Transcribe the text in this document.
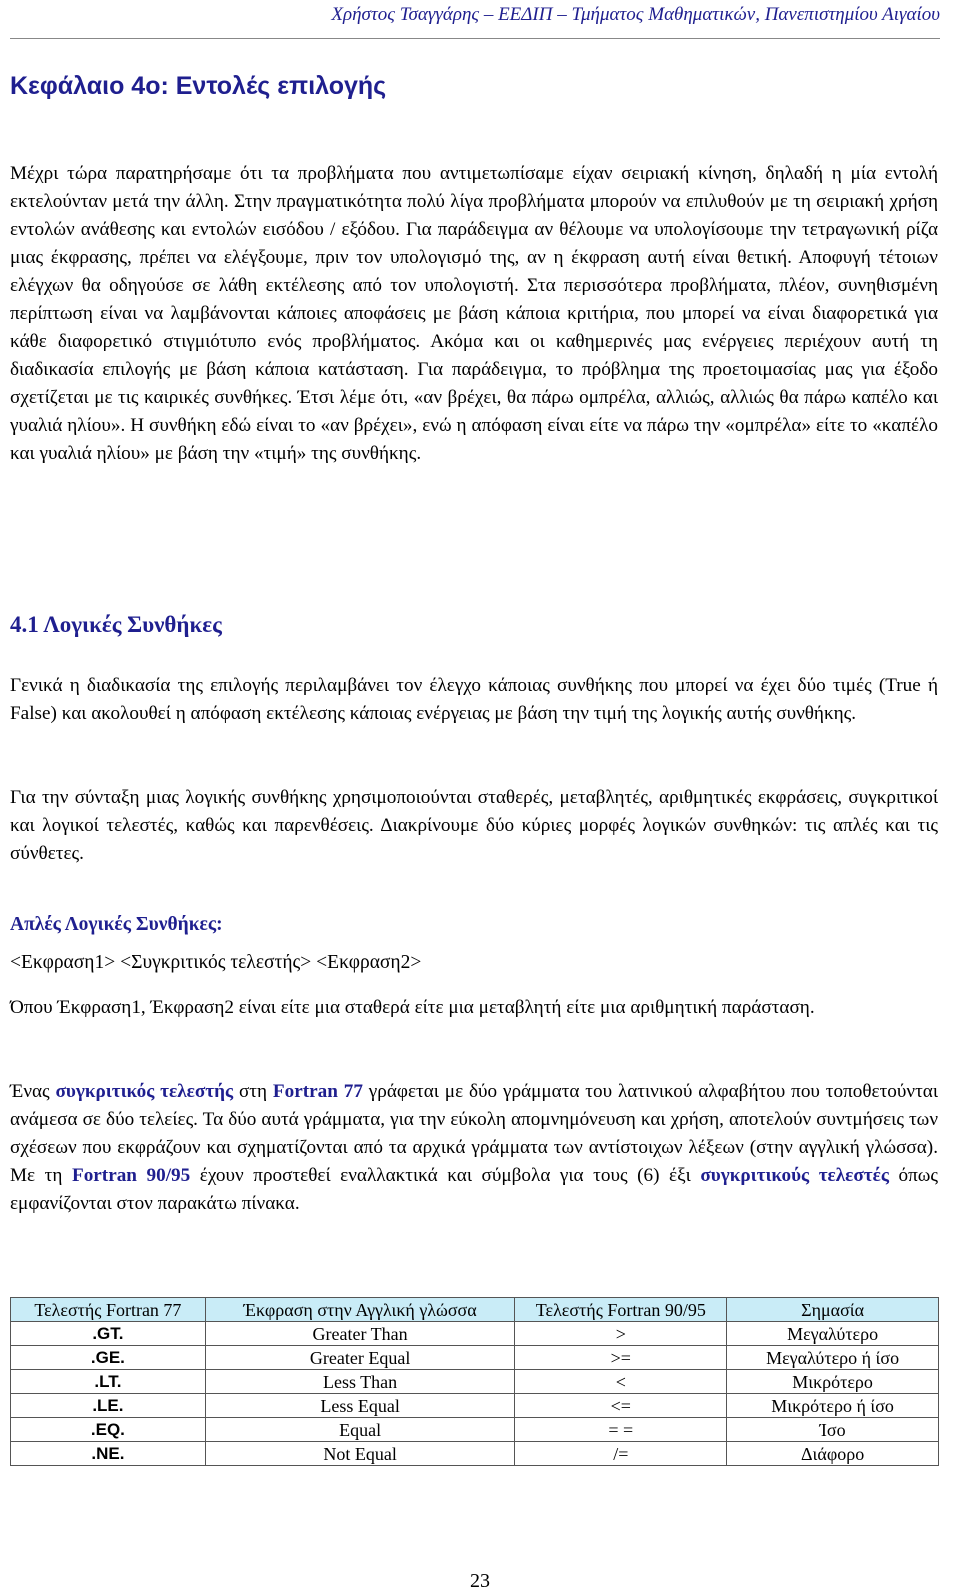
Χρήστος Τσαγγάρης – ΕΕΔΙΠ – Τμήματος Μαθηματικών, Πανεπιστημίου Αιγαίου
Κεφάλαιο 4ο: Εντολές επιλογής

Μέχρι τώρα παρατηρήσαμε ότι τα προβλήματα που αντιμετωπίσαμε είχαν σειριακή κίνηση, δηλαδή η μία εντολή εκτελούνταν μετά την άλλη. Στην πραγματικότητα πολύ λίγα προβλήματα μπορούν να επιλυθούν με τη σειριακή χρήση εντολών ανάθεσης και εντολών εισόδου / εξόδου. Για παράδειγμα αν θέλουμε να υπολογίσουμε την τετραγωνική ρίζα μιας έκφρασης, πρέπει να ελέγξουμε, πριν τον υπολογισμό της, αν η έκφραση αυτή είναι θετική. Αποφυγή τέτοιων ελέγχων θα οδηγούσε σε λάθη εκτέλεσης από τον υπολογιστή. Στα περισσότερα προβλήματα, πλέον, συνηθισμένη περίπτωση είναι να λαμβάνονται κάποιες αποφάσεις με βάση κάποια κριτήρια, που μπορεί να είναι διαφορετικά για κάθε διαφορετικό στιγμιότυπο ενός προβλήματος. Ακόμα και οι καθημερινές μας ενέργειες περιέχουν αυτή τη διαδικασία επιλογής με βάση κάποια κατάσταση. Για παράδειγμα, το πρόβλημα της προετοιμασίας μας για έξοδο σχετίζεται με τις καιρικές συνθήκες. Έτσι λέμε ότι, «αν βρέχει, θα πάρω ομπρέλα, αλλιώς, αλλιώς θα πάρω καπέλο και γυαλιά ηλίου». Η συνθήκη εδώ είναι το «αν βρέχει», ενώ η απόφαση είναι είτε να πάρω την «ομπρέλα» είτε το «καπέλο και γυαλιά ηλίου» με βάση την «τιμή» της συνθήκης.

4.1 Λογικές Συνθήκες

Γενικά η διαδικασία της επιλογής περιλαμβάνει τον έλεγχο κάποιας συνθήκης που μπορεί να έχει δύο τιμές (True ή False) και ακολουθεί η απόφαση εκτέλεσης κάποιας ενέργειας με βάση την τιμή της λογικής αυτής συνθήκης.

Για την σύνταξη μιας λογικής συνθήκης χρησιμοποιούνται σταθερές, μεταβλητές, αριθμητικές εκφράσεις, συγκριτικοί και λογικοί τελεστές, καθώς και παρενθέσεις. Διακρίνουμε δύο κύριες μορφές λογικών συνθηκών: τις απλές και τις σύνθετες.

Απλές Λογικές Συνθήκες:
<Εκφραση1> <Συγκριτικός τελεστής> <Εκφραση2>

Όπου Έκφραση1, Έκφραση2 είναι είτε μια σταθερά είτε μια μεταβλητή είτε μια αριθμητική παράσταση.

Ένας συγκριτικός τελεστής στη Fortran 77 γράφεται με δύο γράμματα του λατινικού αλφαβήτου που τοποθετούνται ανάμεσα σε δύο τελείες. Τα δύο αυτά γράμματα, για την εύκολη απομνημόνευση και χρήση, αποτελούν συντμήσεις των σχέσεων που εκφράζουν και σχηματίζονται από τα αρχικά γράμματα των αντίστοιχων λέξεων (στην αγγλική γλώσσα). Με τη Fortran 90/95 έχουν προστεθεί εναλλακτικά και σύμβολα για τους (6) έξι συγκριτικούς τελεστές όπως εμφανίζονται στον παρακάτω πίνακα.

Τελεστής Fortran 77	Έκφραση στην Αγγλική γλώσσα	Τελεστής Fortran 90/95	Σημασία
.GT.	Greater Than	>	Μεγαλύτερο
.GE.	Greater Equal	>=	Μεγαλύτερο ή ίσο
.LT.	Less Than	<	Μικρότερο
.LE.	Less Equal	<=	Μικρότερο ή ίσο
.EQ.	Equal	= =	Ίσο
.NE.	Not Equal	/=	Διάφορο
23
